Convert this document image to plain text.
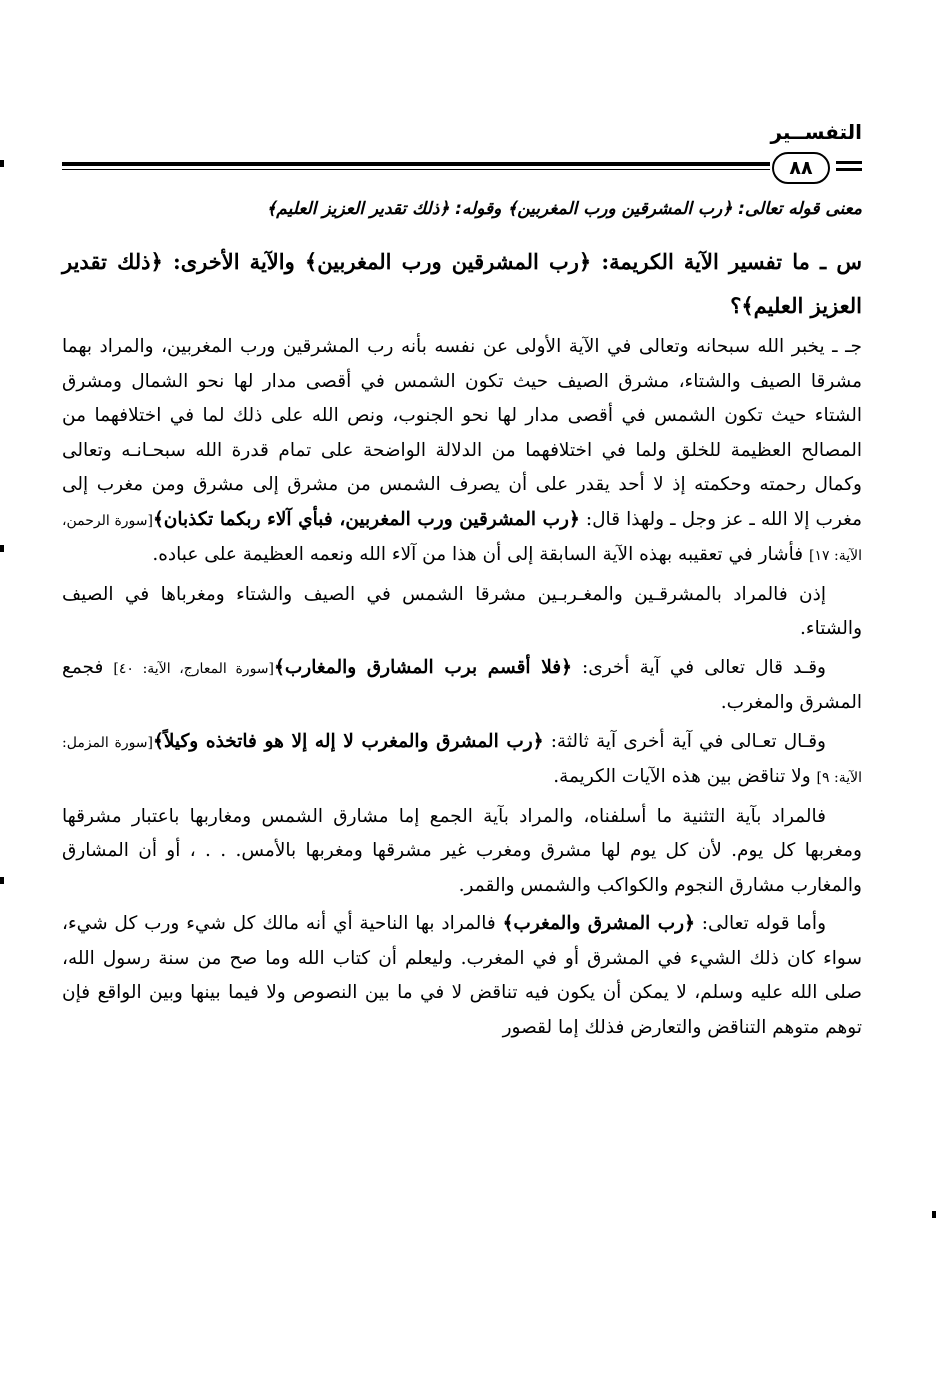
التفســير
٨٨
معنى قوله تعالى: ﴿رب المشرقين ورب المغربين﴾ وقوله: ﴿ذلك تقدير العزيز العليم﴾

س ـ ما تفسير الآية الكريمة: ﴿رب المشرقين ورب المغربين﴾ والآية الأخرى: ﴿ذلك تقدير العزيز العليم﴾؟

جـ ـ يخبر الله سبحانه وتعالى في الآية الأولى عن نفسه بأنه رب المشرقين ورب المغربين، والمراد بهما مشرقا الصيف والشتاء، مشرق الصيف حيث تكون الشمس في أقصى مدار لها نحو الشمال ومشرق الشتاء حيث تكون الشمس في أقصى مدار لها نحو الجنوب، ونص الله على ذلك لما في اختلافهما من المصالح العظيمة للخلق ولما في اختلافهما من الدلالة الواضحة على تمام قدرة الله سبحـانـه وتعالى وكمال رحمته وحكمته إذ لا أحد يقدر على أن يصرف الشمس من مشرق إلى مشرق ومن مغرب إلى مغرب إلا الله ـ عز وجل ـ ولهذا قال: ﴿رب المشرقين ورب المغربين، فبأي آلاء ربكما تكذبان﴾[سورة الرحمن، الآية: ١٧] فأشار في تعقيبه بهذه الآية السابقة إلى أن هذا من آلاء الله ونعمه العظيمة على عباده.

إذن فالمراد بالمشرقـين والمغـربـين مشرقا الشمس في الصيف والشتاء ومغرباها في الصيف والشتاء.

وقـد قال تعالى في آية أخرى: ﴿فلا أقسم برب المشارق والمغارب﴾[سورة المعارج، الآية: ٤٠] فجمع المشرق والمغرب.

وقـال تعـالى في آية أخرى آية ثالثة: ﴿رب المشرق والمغرب لا إله إلا هو فاتخذه وكيلاً﴾[سورة المزمل: الآية: ٩] ولا تناقض بين هذه الآيات الكريمة.

فالمراد بآية التثنية ما أسلفناه، والمراد بآية الجمع إما مشارق الشمس ومغاربها باعتبار مشرقها ومغربها كل يوم. لأن كل يوم لها مشرق ومغرب غير مشرقها ومغربها بالأمس. . . ، أو أن المشارق والمغارب مشارق النجوم والكواكب والشمس والقمر.

وأما قوله تعالى: ﴿رب المشرق والمغرب﴾ فالمراد بها الناحية أي أنه مالك كل شيء ورب كل شيء، سواء كان ذلك الشيء في المشرق أو في المغرب. وليعلم أن كتاب الله وما صح من سنة رسول الله، صلى الله عليه وسلم، لا يمكن أن يكون فيه تناقض لا في ما بين النصوص ولا فيما بينها وبين الواقع فإن توهم متوهم التناقض والتعارض فذلك إما لقصور
